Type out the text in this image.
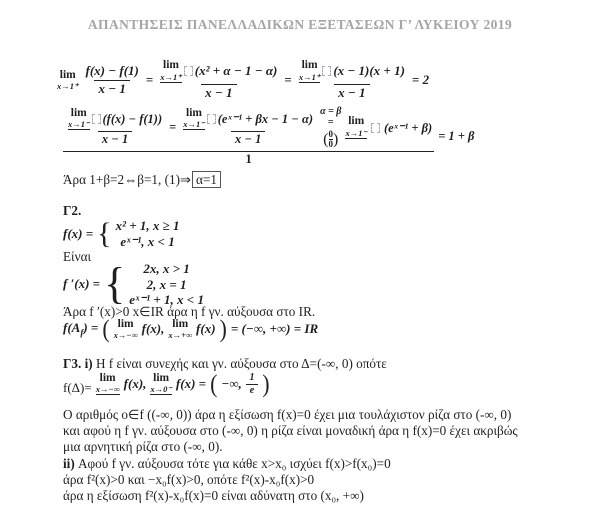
ΑΠΑΝΤΗΣΕΙΣ ΠΑΝΕΛΛΑΔΙΚΩΝ ΕΞΕΤΑΣΕΩΝ Γ’ ΛΥΚΕΙΟΥ 2019
lim
$x\to 1^+ \frac{f(x) - f(1)}{x - 1}$ =
lim
x→1⁺ (x² + α − 1 − α)
x − 1
= lim
x→1⁺ (x − 1)(x + 1)
x − 1 = 2
lim
x→1⁻ (f(x) − f(1))
x − 1
=
lim
x→1⁻ (eˣ⁻¹ + βx − 1 − α)
x − 1
α = β
=
( 0
0 )
lim
x→1⁻ (eˣ⁻¹ + β)
1
= 1 + β
Άρα 1+β=2⇔β=1, (1)⇒ α=1
Γ2.
f(x) = { x² + 1, x ≥ 1
eˣ⁻¹, x < 1
Είναι
f ′(x) = { 2x, x > 1
2, x = 1
eˣ⁻¹ + 1, x < 1
Άρα f ′(x)>0 x∈IR άρα η f γν. αύξουσα στο IR.
$f(A_f)$ = ( lim
x→−∞ f(x), lim
x→+∞ f(x) ) = (−∞, +∞) = IR
Γ3. i) Η f είναι συνεχής και γν. αύξουσα στο Δ=(-∞, 0) οπότε
f(Δ)=
lim
x→−∞ f(x), lim
x→0⁻ f(x) = ( −∞, $\frac{1}{e}$ )
Ο αριθμός ο∈f ((-∞, 0)) άρα η εξίσωση f(x)=0 έχει μια τουλάχιστον ρίζα στο (-∞, 0)
και αφού η f γν. αύξουσα στο (-∞, 0) η ρίζα είναι μοναδική άρα η f(x)=0 έχει ακριβώς
μια αρνητική ρίζα στο (-∞, 0).
ii) Αφού f γν. αύξουσα τότε για κάθε x>x₀ ισχύει f(x)>f(x₀)=0
άρα f²(x)>0 και −x₀f(x)>0, οπότε f²(x)-x₀f(x)>0
άρα η εξίσωση f²(x)-x₀f(x)=0 είναι αδύνατη στο (x₀, +∞)
